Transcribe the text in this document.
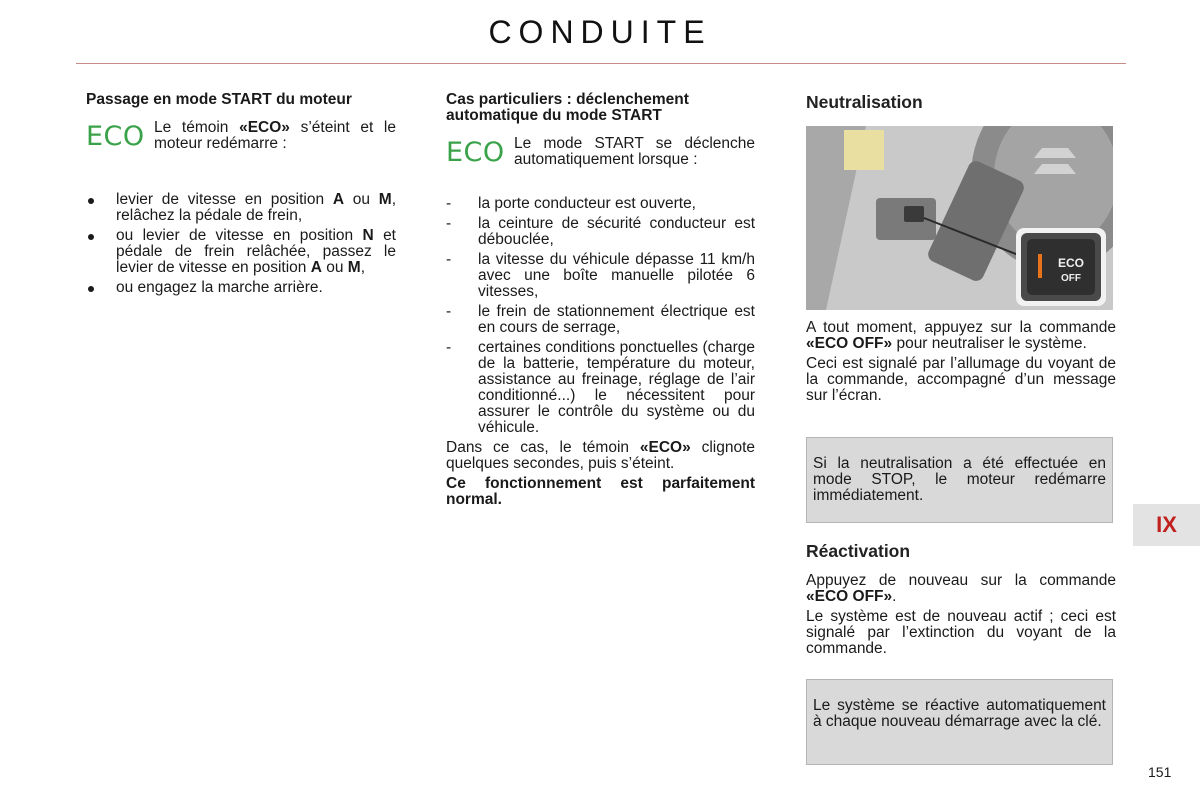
CONDUITE

Passage en mode START du moteur

ECO Le témoin «ECO» s’éteint et le moteur redémarre :
levier de vitesse en position A ou M, relâchez la pédale de frein,
ou levier de vitesse en position N et pédale de frein relâchée, passez le levier de vitesse en position A ou M,
ou engagez la marche arrière.

Cas particuliers : déclenchement automatique du mode START

ECO Le mode START se déclenche automatiquement lorsque :
- la porte conducteur est ouverte,
- la ceinture de sécurité conducteur est débouclée,
- la vitesse du véhicule dépasse 11 km/h avec une boîte manuelle pilotée 6 vitesses,
- le frein de stationnement électrique est en cours de serrage,
- certaines conditions ponctuelles (charge de la batterie, température du moteur, assistance au freinage, réglage de l’air conditionné...) le nécessitent pour assurer le contrôle du système ou du véhicule.

Dans ce cas, le témoin «ECO» clignote quelques secondes, puis s’éteint.

Ce fonctionnement est parfaitement normal.

Neutralisation

ECO
OFF

A tout moment, appuyez sur la commande «ECO OFF» pour neutraliser le système.

Ceci est signalé par l’allumage du voyant de la commande, accompagné d’un message sur l’écran.

Si la neutralisation a été effectuée en mode STOP, le moteur redémarre immédiatement.

Réactivation

Appuyez de nouveau sur la commande «ECO OFF».

Le système est de nouveau actif ; ceci est signalé par l’extinction du voyant de la commande.

Le système se réactive automatiquement à chaque nouveau démarrage avec la clé.
IX
151
